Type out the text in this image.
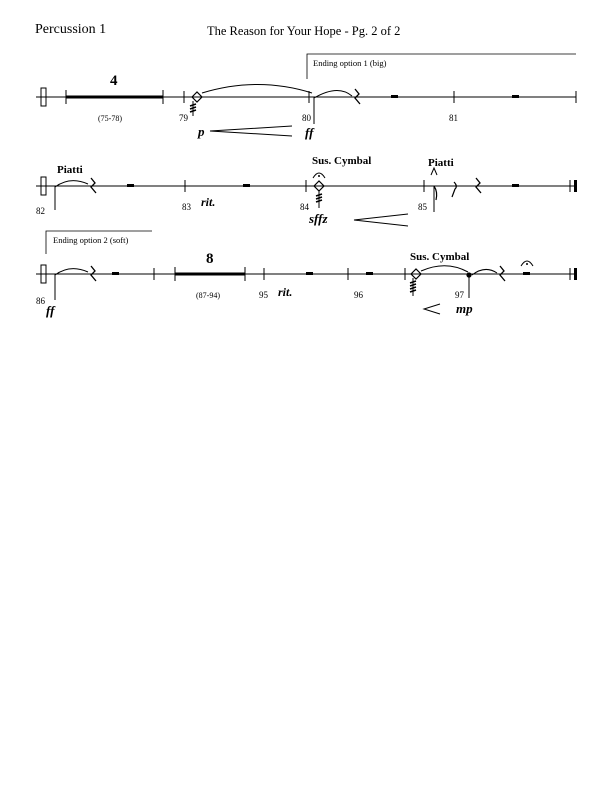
Percussion 1	The Reason for Your Hope - Pg. 2 of 2
4
(75-78)	79	80	81
p	ff
Ending option 1 (big)
Piatti
Sus. Cymbal	Piatti
82	83	84	85
rit.
sffz
Ending option 2 (soft)
8
(87-94)
86
95	96	97
rit.
Sus. Cymbal
ff	mp
